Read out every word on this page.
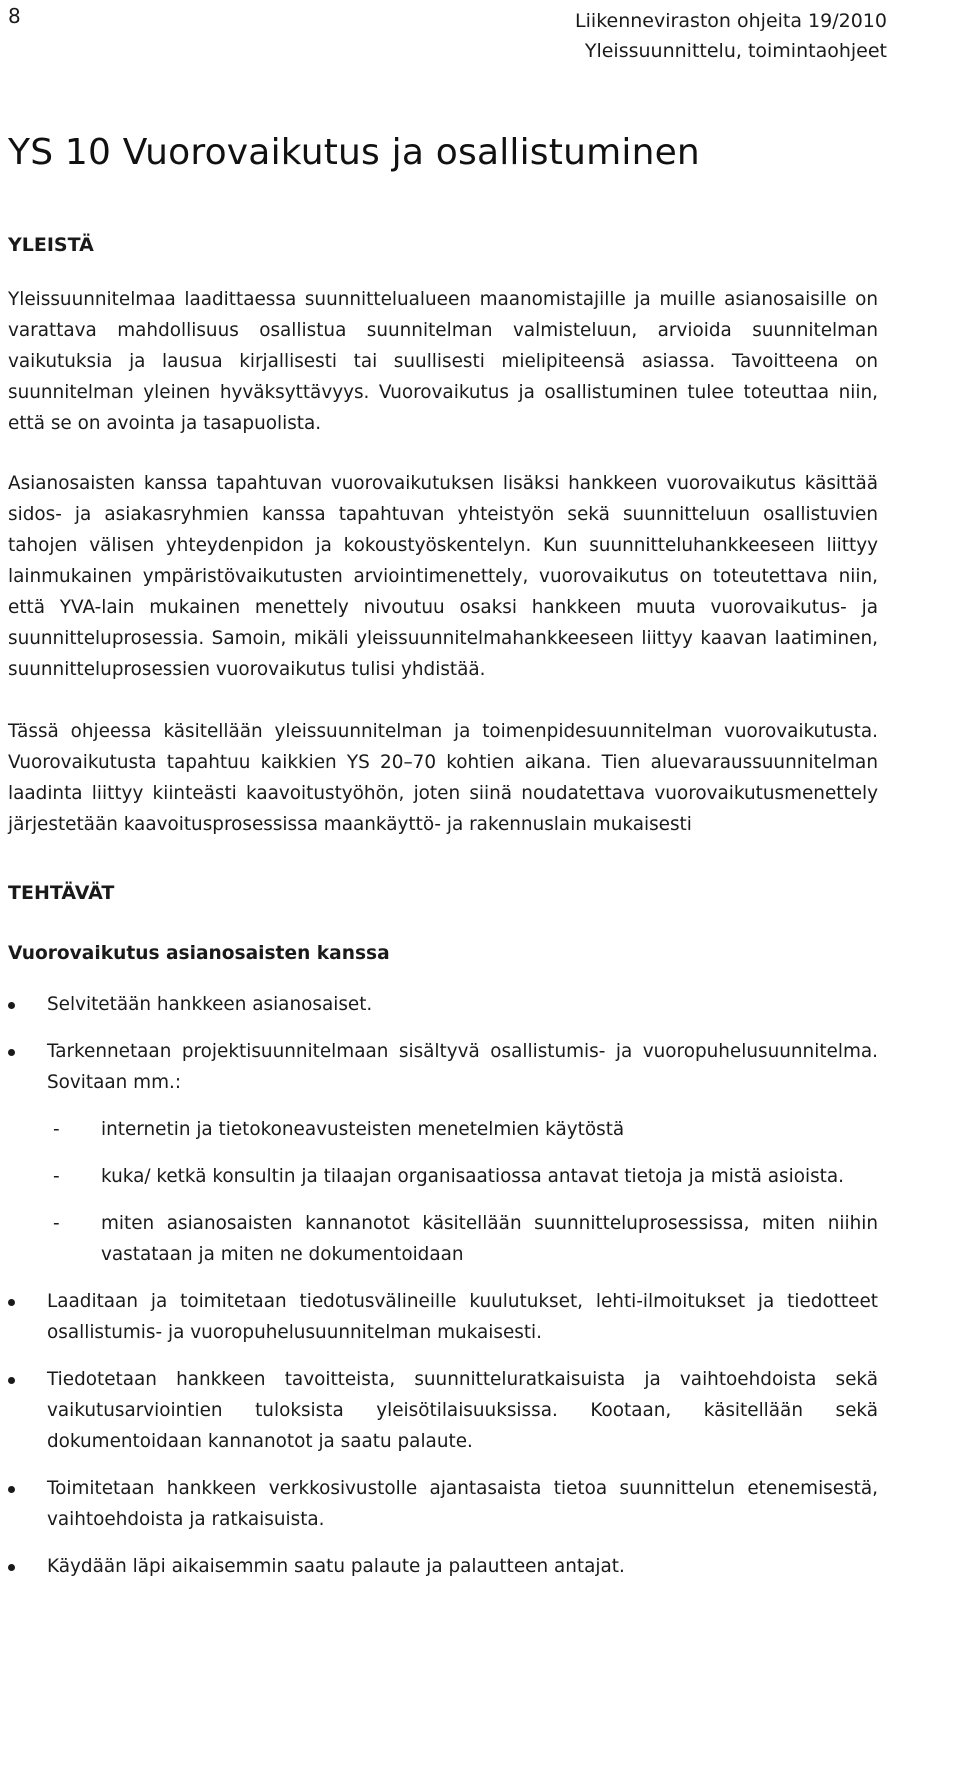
8	Liikenneviraston ohjeita 19/2010
Yleissuunnittelu, toimintaohjeet
YS 10 Vuorovaikutus ja osallistuminen
YLEISTÄ

Yleissuunnitelmaa laadittaessa suunnittelualueen maanomistajille ja muille asianosaisille on varattava mahdollisuus osallistua suunnitelman valmisteluun, arvioida suunnitelman vaikutuksia ja lausua kirjallisesti tai suullisesti mielipiteensä asiassa. Tavoitteena on suunnitelman yleinen hyväksyttävyys. Vuorovaikutus ja osallistuminen tulee toteuttaa niin, että se on avointa ja tasapuolista.

Asianosaisten kanssa tapahtuvan vuorovaikutuksen lisäksi hankkeen vuorovaikutus käsittää sidos- ja asiakasryhmien kanssa tapahtuvan yhteistyön sekä suunnitteluun osallistuvien tahojen välisen yhteydenpidon ja kokoustyöskentelyn. Kun suunnitteluhankkeeseen liittyy lainmukainen ympäristövaikutusten arviointimenettely, vuorovaikutus on toteutettava niin, että YVA-lain mukainen menettely nivoutuu osaksi hankkeen muuta vuorovaikutus- ja suunnitteluprosessia. Samoin, mikäli yleissuunnitelmahankkeeseen liittyy kaavan laatiminen, suunnitteluprosessien vuorovaikutus tulisi yhdistää.

Tässä ohjeessa käsitellään yleissuunnitelman ja toimenpidesuunnitelman vuorovaikutusta. Vuorovaikutusta tapahtuu kaikkien YS 20–70 kohtien aikana. Tien aluevaraussuunnitelman laadinta liittyy kiinteästi kaavoitustyöhön, joten siinä noudatettava vuorovaikutusmenettely järjestetään kaavoitusprosessissa maankäyttö- ja rakennuslain mukaisesti

TEHTÄVÄT
Vuorovaikutus asianosaisten kanssa
Selvitetään hankkeen asianosaiset.
Tarkennetaan projektisuunnitelmaan sisältyvä osallistumis- ja vuoropuhelusuunnitelma. Sovitaan mm.:
- internetin ja tietokoneavusteisten menetelmien käytöstä
- kuka/ ketkä konsultin ja tilaajan organisaatiossa antavat tietoja ja mistä asioista.
- miten asianosaisten kannanotot käsitellään suunnitteluprosessissa, miten niihin vastataan ja miten ne dokumentoidaan
Laaditaan ja toimitetaan tiedotusvälineille kuulutukset, lehti-ilmoitukset ja tiedotteet osallistumis- ja vuoropuhelusuunnitelman mukaisesti.
Tiedotetaan hankkeen tavoitteista, suunnitteluratkaisuista ja vaihtoehdoista sekä vaikutusarviointien tuloksista yleisötilaisuuksissa. Kootaan, käsitellään sekä dokumentoidaan kannanotot ja saatu palaute.
Toimitetaan hankkeen verkkosivustolle ajantasaista tietoa suunnittelun etenemisestä, vaihtoehdoista ja ratkaisuista.
Käydään läpi aikaisemmin saatu palaute ja palautteen antajat.
